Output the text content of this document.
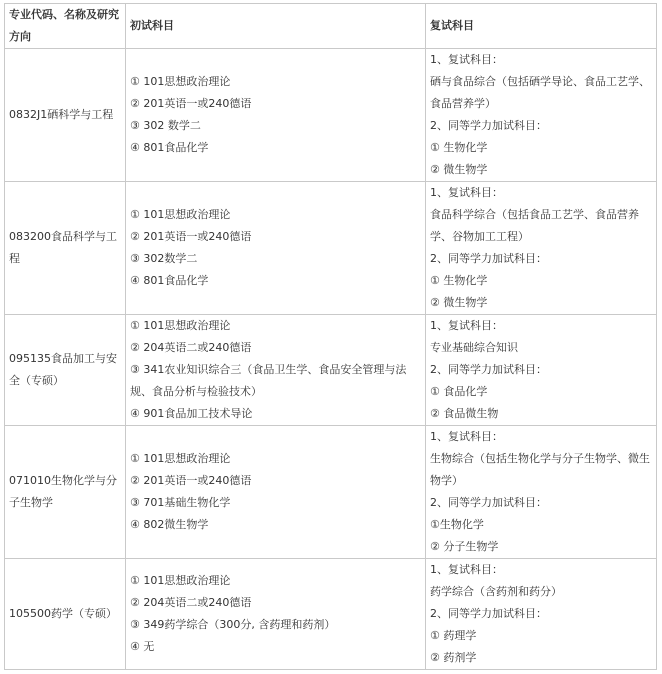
专业代码、名称及研究方向	初试科目	复试科目
0832J1硒科学与工程	① 101思想政治理论
② 201英语一或240德语
③ 302 数学二
④ 801食品化学	1、复试科目：
硒与食品综合（包括硒学导论、食品工艺学、食品营养学）
2、同等学力加试科目：
① 生物化学
② 微生物学

083200食品科学与工程	① 101思想政治理论
② 201英语一或240德语
③ 302数学二
④ 801食品化学	1、复试科目：
食品科学综合（包括食品工艺学、食品营养学、谷物加工工程）
2、同等学力加试科目：
① 生物化学
② 微生物学

095135食品加工与安全（专硕）	① 101思想政治理论
② 204英语二或240德语
③ 341农业知识综合三（食品卫生学、食品安全管理与法规、食品分析与检验技术）
④ 901食品加工技术导论	1、复试科目：
专业基础综合知识
2、同等学力加试科目：
① 食品化学
② 食品微生物

071010生物化学与分子生物学	① 101思想政治理论
② 201英语一或240德语
③ 701基础生物化学
④ 802微生物学	1、复试科目：
生物综合（包括生物化学与分子生物学、微生物学）
2、同等学力加试科目：
①生物化学
② 分子生物学

105500药学（专硕）	① 101思想政治理论
② 204英语二或240德语
③ 349药学综合（300分, 含药理和药剂）
④ 无	1、复试科目：
药学综合（含药剂和药分）
2、同等学力加试科目：
① 药理学
② 药剂学
